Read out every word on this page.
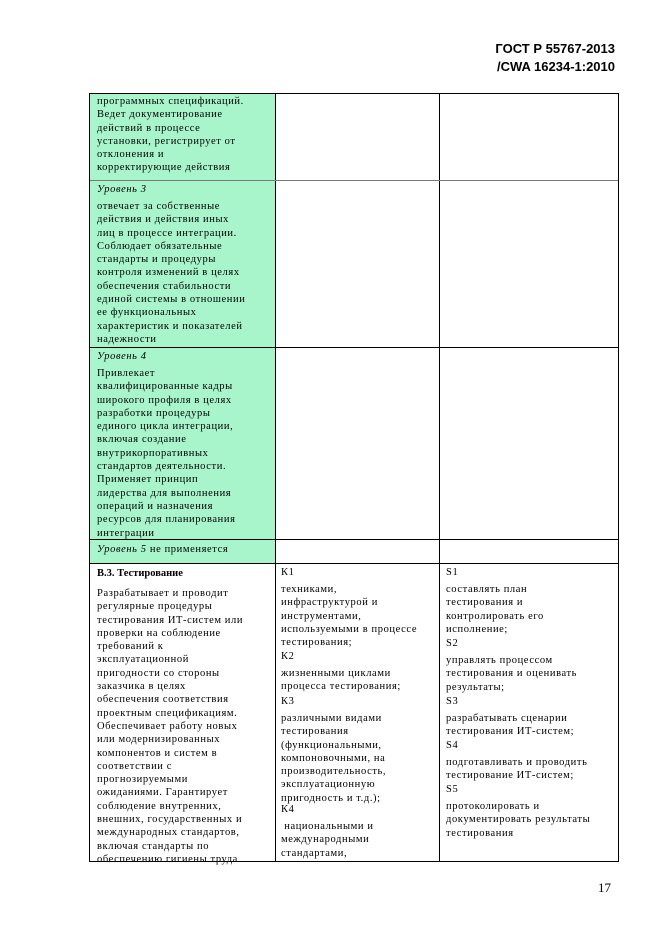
ГОСТ Р 55767-2013
/CWA 16234-1:2010
программных спецификаций.
Ведет документирование
действий в процессе
установки, регистрирует от
отклонения и
корректирующие действия
Уровень 3
отвечает за собственные
действия и действия иных
лиц в процессе интеграции.
Соблюдает обязательные
стандарты и процедуры
контроля изменений в целях
обеспечения стабильности
единой системы в отношении
ее функциональных
характеристик и показателей
надежности
Уровень 4
Привлекает
квалифицированные кадры
широкого профиля в целях
разработки процедуры
единого цикла интеграции,
включая создание
внутрикорпоративных
стандартов деятельности.
Применяет принцип
лидерства для выполнения
операций и назначения
ресурсов для планирования
интеграции
Уровень 5 не применяется
В.3. Тестирование
Разрабатывает и проводит
регулярные процедуры
тестирования ИТ-систем или
проверки на соблюдение
требований к
эксплуатационной
пригодности со стороны
заказчика в целях
обеспечения соответствия
проектным спецификациям.
Обеспечивает работу новых
или модернизированных
компонентов и систем в
соответствии с
прогнозируемыми
ожиданиями. Гарантирует
соблюдение внутренних,
внешних, государственных и
международных стандартов,
включая стандарты по
обеспечению гигиены труда
К1
техниками,
инфраструктурой и
инструментами,
используемыми в процессе
тестирования;
К2
жизненными циклами
процесса тестирования;
К3
различными видами
тестирования
(функциональными,
компоновочными, на
производительность,
эксплуатационную
пригодность и т.д.);
К4
национальными и
международными
стандартами,
S1
составлять план
тестирования и
контролировать его
исполнение;
S2
управлять процессом
тестирования и оценивать
результаты;
S3
разрабатывать сценарии
тестирования ИТ-систем;
S4
подготавливать и проводить
тестирование ИТ-систем;
S5
протоколировать и
документировать результаты
тестирования
17
